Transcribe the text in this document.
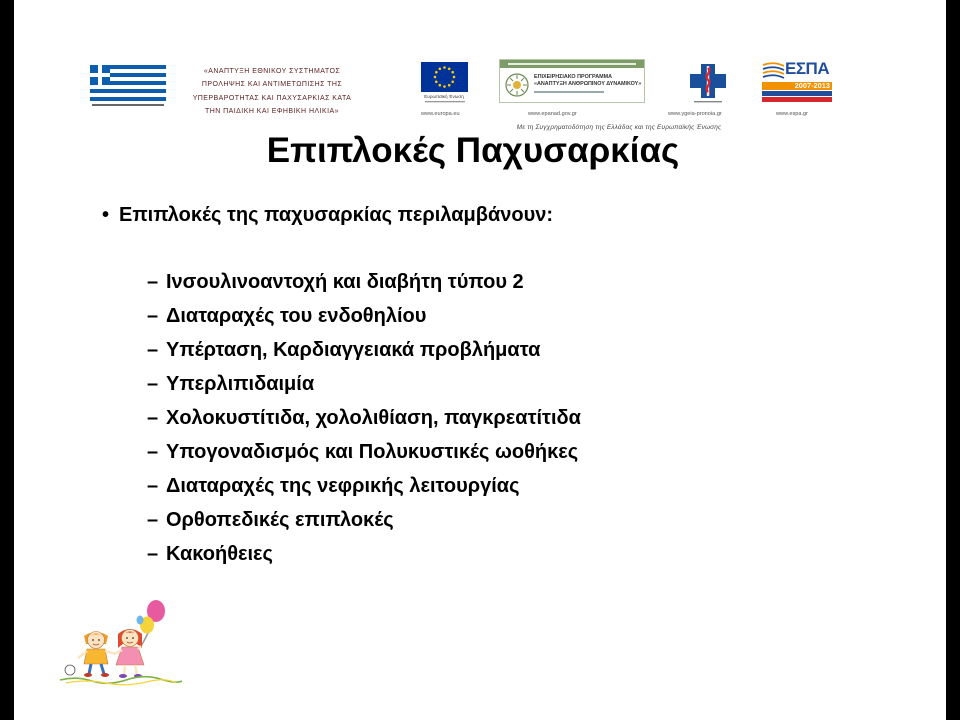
«ΑΝΑΠΤΥΞΗ ΕΘΝΙΚΟΥ ΣΥΣΤΗΜΑΤΟΣ
ΠΡΟΛΗΨΗΣ ΚΑΙ ΑΝΤΙΜΕΤΩΠΙΣΗΣ ΤΗΣ
ΥΠΕΡΒΑΡΟΤΗΤΑΣ ΚΑΙ ΠΑΧΥΣΑΡΚΙΑΣ ΚΑΤΑ
ΤΗΝ ΠΑΙΔΙΚΗ ΚΑΙ ΕΦΗΒΙΚΗ ΗΛΙΚΙΑ»
Ευρωπαϊκή Ένωση
www.europa.eu
ΕΠΙΧΕΙΡΗΣΙΑΚΟ ΠΡΟΓΡΑΜΜΑ
«ΑΝΑΠΤΥΞΗ ΑΝΘΡΩΠΙΝΟΥ ΔΥΝΑΜΙΚΟΥ»
www.epanad.gov.gr	www.ygeia-pronoia.gr
ΕΣΠΑ
2007-2013
www.espa.gr
Με τη Συγχρηματοδότηση της Ελλάδας και της Ευρωπαϊκής Ένωσης
Επιπλοκές Παχυσαρκίας
• Επιπλοκές της παχυσαρκίας περιλαμβάνουν:
– Ινσουλινοαντοχή και διαβήτη τύπου 2
– Διαταραχές του ενδοθηλίου
– Υπέρταση, Καρδιαγγειακά προβλήματα
– Υπερλιπιδαιμία
– Χολοκυστίτιδα, χολολιθίαση, παγκρεατίτιδα
– Υπογοναδισμός και Πολυκυστικές ωοθήκες
– Διαταραχές της νεφρικής λειτουργίας
– Ορθοπεδικές επιπλοκές
– Κακοήθειες
